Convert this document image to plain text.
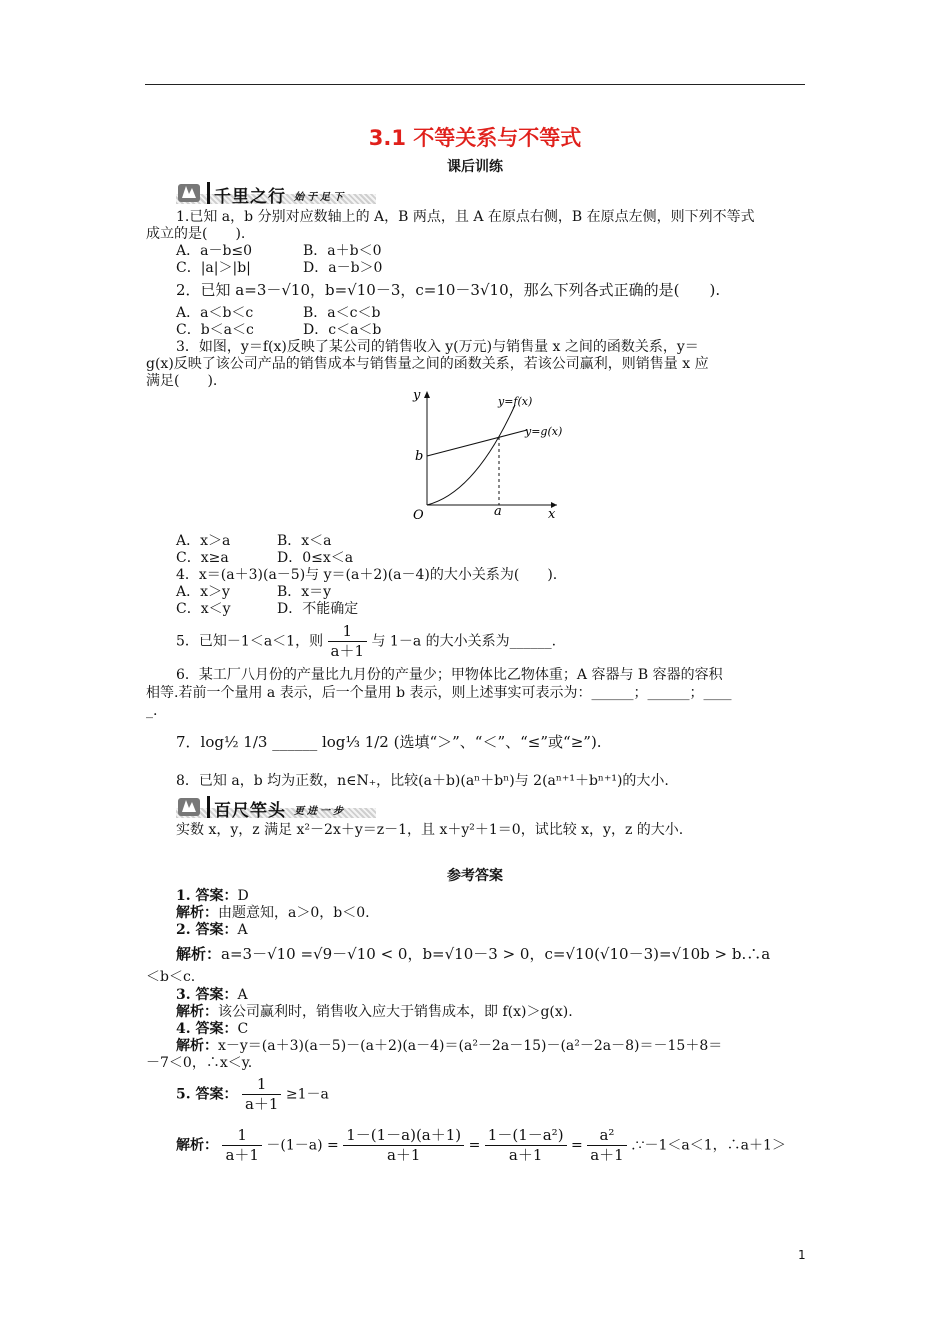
3.1 不等关系与不等式
课后训练
千里之行 始于足下
1.已知 a，b 分别对应数轴上的 A，B 两点，且 A 在原点右侧，B 在原点左侧，则下列不等式
成立的是(　　).
A．a－b≤0	B．a＋b＜0
C．|a|＞|b|	D．a－b＞0
2．已知 a=3－√10，b=√10－3，c=10－3√10，那么下列各式正确的是(　　).
A．a＜b＜c	B．a＜c＜b
C．b＜a＜c	D．c＜a＜b
3．如图，y＝f(x)反映了某公司的销售收入 y(万元)与销售量 x 之间的函数关系，y＝
g(x)反映了该公司产品的销售成本与销售量之间的函数关系，若该公司赢利，则销售量 x 应
满足(　　).
y
x
O
b
a
y=f(x)
y=g(x)
A．x＞a	B．x＜a
C．x≥a	D．0≤x＜a
4．x＝(a＋3)(a－5)与 y＝(a＋2)(a－4)的大小关系为(　　).
A．x＞y	B．x＝y
C．x＜y	D．不能确定
5．已知－1＜a＜1，则 $\frac{1}{a+1}$ 与 1－a 的大小关系为______.
6．某工厂八月份的产量比九月份的产量少；甲物体比乙物体重；A 容器与 B 容器的容积
相等.若前一个量用 a 表示，后一个量用 b 表示，则上述事实可表示为：______；______；____
_.
7．log½ 1/3 ______ log⅓ 1/2 (选填“＞”、“＜”、“≤”或“≥”).
8．已知 a，b 均为正数，n∈N₊，比较(a＋b)(aⁿ＋bⁿ)与 2(aⁿ⁺¹＋bⁿ⁺¹)的大小.
百尺竿头 更进一步
实数 x，y，z 满足 x²－2x＋y＝z－1，且 x＋y²＋1＝0，试比较 x，y，z 的大小.
参考答案
1. 答案：D
解析：由题意知，a＞0，b＜0.
2. 答案：A
解析：a=3－√10 =√9－√10 < 0，b=√10－3 > 0，c=√10(√10－3)=√10b > b.∴a
＜b＜c.
3. 答案：A
解析：该公司赢利时，销售收入应大于销售成本，即 f(x)＞g(x).
4. 答案：C
解析：x－y＝(a＋3)(a－5)－(a＋2)(a－4)＝(a²－2a－15)－(a²－2a－8)＝－15＋8＝
－7＜0，∴x＜y.
5. 答案： $\frac{1}{a+1} \ge 1-a$
解析： $\frac{1}{a+1} -(1-a) = \frac{1-(1-a)(a+1)}{a+1} = \frac{\text{1－(1－a²)}}{a+1} = \frac{\text{a²}}{a+1}$ .∵－1＜a＜1，∴a＋1＞
1
